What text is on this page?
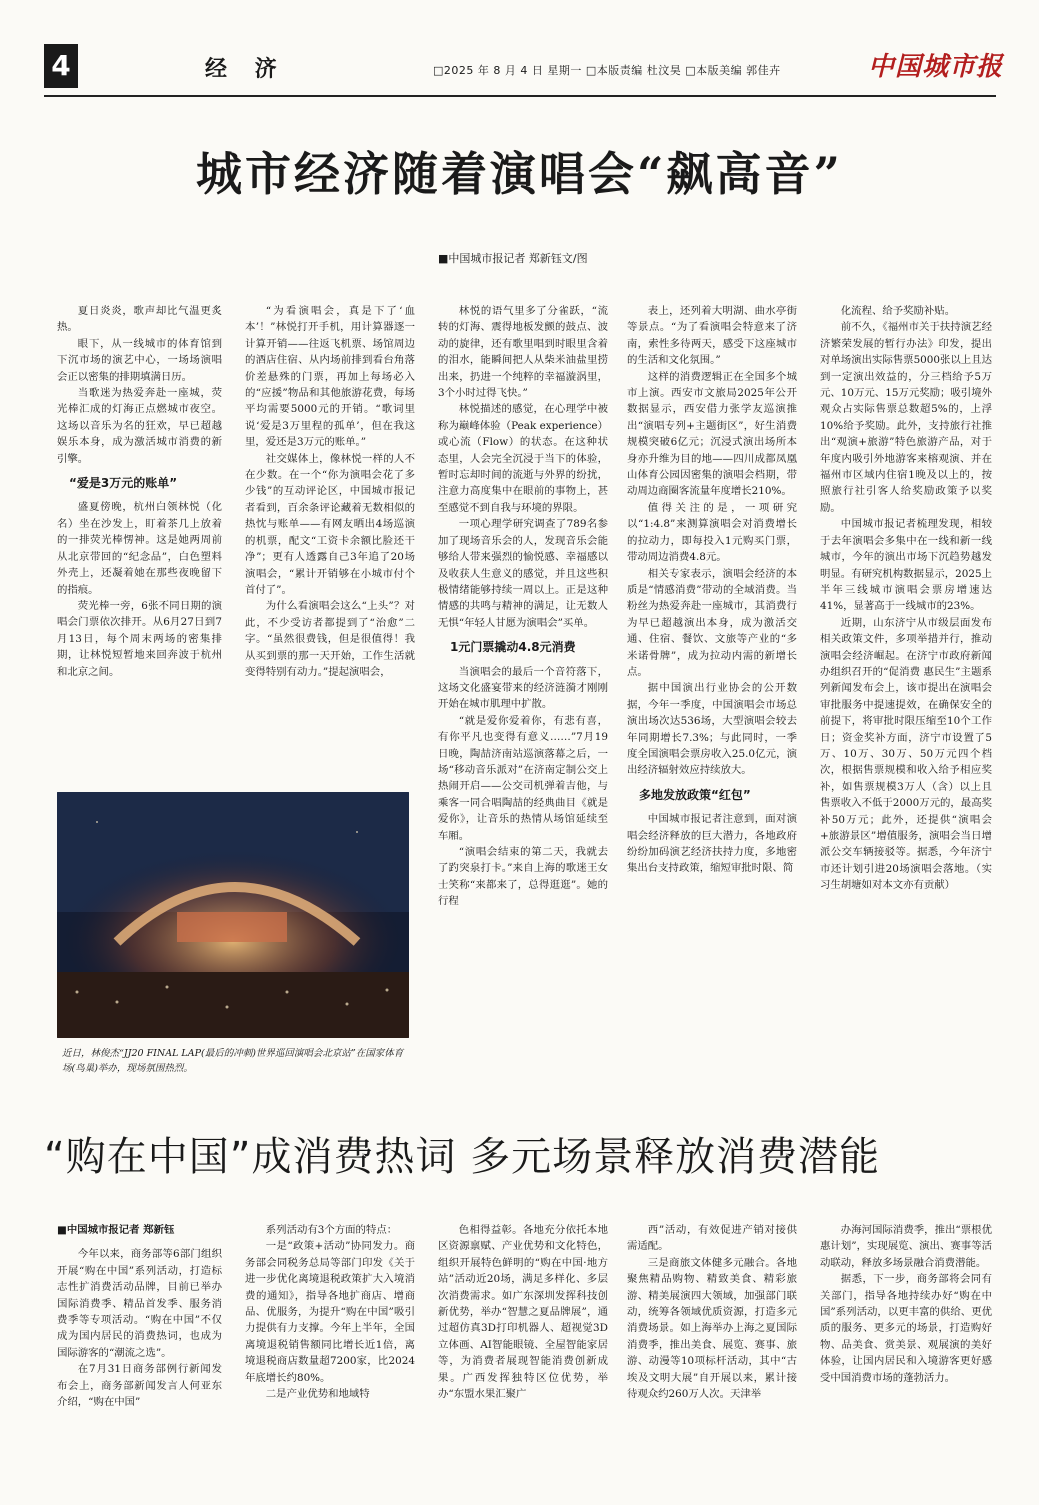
4	经 济	□2025 年 8 月 4 日 星期一 □本版责编 杜汶昊 □本版美编 郭佳卉	中国城市报
城市经济随着演唱会“飙高音”
■中国城市报记者 郑新钰文/图

夏日炎炎，歌声却比气温更炙热。

眼下，从一线城市的体育馆到下沉市场的演艺中心，一场场演唱会正以密集的排期填满日历。

当歌迷为热爱奔赴一座城，荧光棒汇成的灯海正点燃城市夜空。这场以音乐为名的狂欢，早已超越娱乐本身，成为激活城市消费的新引擎。

“爱是3万元的账单”

盛夏傍晚，杭州白领林悦（化名）坐在沙发上，盯着茶几上放着的一排荧光棒愣神。这是她两周前从北京带回的“纪念品”，白色塑料外壳上，还凝着她在那些夜晚留下的指痕。

荧光棒一旁，6张不同日期的演唱会门票依次排开。从6月27日到7月13日，每个周末两场的密集排期，让林悦短暂地来回奔波于杭州和北京之间。

“为看演唱会，真是下了‘血本’！”林悦打开手机，用计算器逐一计算开销——往返飞机票、场馆周边的酒店住宿、从内场前排到看台角落价差悬殊的门票，再加上每场必入的“应援”物品和其他旅游花费，每场平均需要5000元的开销。“歌词里说‘爱是3万里程的孤单’，但在我这里，爱还是3万元的账单。”

社交媒体上，像林悦一样的人不在少数。在一个“你为演唱会花了多少钱”的互动评论区，中国城市报记者看到，百余条评论藏着无数相似的热忱与账单——有网友晒出4场巡演的机票，配文“工资卡余额比脸还干净”；更有人透露自己3年追了20场演唱会，“累计开销够在小城市付个首付了”。

为什么看演唱会这么“上头”？对此，不少受访者都提到了“治愈”二字。“虽然很费钱，但是很值得！我从买到票的那一天开始，工作生活就变得特别有动力。”提起演唱会，

近日，林俊杰“JJ20 FINAL LAP(最后的冲刺)世界巡回演唱会北京站”在国家体育场(鸟巢)举办，现场氛围热烈。

林悦的语气里多了分雀跃，“流转的灯海、震得地板发颤的鼓点、波动的旋律，还有歌里唱到时眼里含着的泪水，能瞬间把人从柴米油盐里捞出来，扔进一个纯粹的幸福漩涡里，3个小时过得飞快。”

林悦描述的感觉，在心理学中被称为巅峰体验（Peak experience）或心流（Flow）的状态。在这种状态里，人会完全沉浸于当下的体验，暂时忘却时间的流逝与外界的纷扰，注意力高度集中在眼前的事物上，甚至感觉不到自我与环境的界限。

一项心理学研究调查了789名参加了现场音乐会的人，发现音乐会能够给人带来强烈的愉悦感、幸福感以及收获人生意义的感觉，并且这些积极情绪能够持续一周以上。正是这种情感的共鸣与精神的满足，让无数人无惧“年轻人甘愿为演唱会”买单。

1元门票撬动4.8元消费

当演唱会的最后一个音符落下，这场文化盛宴带来的经济涟漪才刚刚开始在城市肌理中扩散。

“就是爱你爱着你，有悲有喜，有你平凡也变得有意义……”7月19日晚，陶喆济南站巡演落幕之后，一场“移动音乐派对”在济南定制公交上热闹开启——公交司机弹着吉他，与乘客一同合唱陶喆的经典曲目《就是爱你》，让音乐的热情从场馆延续至车厢。

“演唱会结束的第二天，我就去了趵突泉打卡。”来自上海的歌迷王女士笑称“来都来了，总得逛逛”。她的行程

表上，还列着大明湖、曲水亭街等景点。“为了看演唱会特意来了济南，索性多待两天，感受下这座城市的生活和文化氛围。”

这样的消费逻辑正在全国多个城市上演。西安市文旅局2025年公开数据显示，西安借力张学友巡演推出“演唱专列+主题街区”，好生消费规模突破6亿元；沉浸式演出场所本身亦升维为目的地——四川成都凤凰山体育公园因密集的演唱会档期，带动周边商圈客流量年度增长210%。

值得关注的是，一项研究以“1:4.8”来测算演唱会对消费增长的拉动力，即每投入1元购买门票，带动周边消费4.8元。

相关专家表示，演唱会经济的本质是“情感消费”带动的全域消费。当粉丝为热爱奔赴一座城市，其消费行为早已超越演出本身，成为激活交通、住宿、餐饮、文旅等产业的“多米诺骨牌”，成为拉动内需的新增长点。

据中国演出行业协会的公开数据，今年一季度，中国演唱会市场总演出场次达536场，大型演唱会较去年同期增长7.3%；与此同时，一季度全国演唱会票房收入25.0亿元，演出经济辐射效应持续放大。

多地发放政策“红包”

中国城市报记者注意到，面对演唱会经济释放的巨大潜力，各地政府纷纷加码演艺经济扶持力度，多地密集出台支持政策，缩短审批时限、简

化流程、给予奖励补贴。

前不久，《福州市关于扶持演艺经济繁荣发展的暂行办法》印发，提出对单场演出实际售票5000张以上且达到一定演出效益的，分三档给予5万元、10万元、15万元奖励；吸引境外观众占实际售票总数超5%的，上浮10%给予奖励。此外，支持旅行社推出“观演+旅游”特色旅游产品，对于年度内吸引外地游客来榕观演、并在福州市区域内住宿1晚及以上的，按照旅行社引客人给奖励政策予以奖励。

中国城市报记者梳理发现，相较于去年演唱会多集中在一线和新一线城市，今年的演出市场下沉趋势越发明显。有研究机构数据显示，2025上半年三线城市演唱会票房增速达41%，显著高于一线城市的23%。

近期，山东济宁从市级层面发布相关政策文件，多项举措并行，推动演唱会经济崛起。在济宁市政府新闻办组织召开的“促消费 惠民生”主题系列新闻发布会上，该市提出在演唱会审批服务中提速提效，在确保安全的前提下，将审批时限压缩至10个工作日；资金奖补方面，济宁市设置了5万、10万、30万、50万元四个档次，根据售票规模和收入给予相应奖补，如售票规模3万人（含）以上且售票收入不低于2000万元的，最高奖补50万元；此外，还提供“演唱会+旅游景区”增值服务，演唱会当日增派公交车辆接驳等。据悉，今年济宁市还计划引进20场演唱会落地。（实习生胡塘如对本文亦有贡献）

“购在中国”成消费热词 多元场景释放消费潜能

■中国城市报记者 郑新钰

今年以来，商务部等6部门组织开展“购在中国”系列活动，打造标志性扩消费活动品牌，目前已举办国际消费季、精品首发季、服务消费季等专项活动。“购在中国”不仅成为国内居民的消费热词，也成为国际游客的“潮流之选”。

在7月31日商务部例行新闻发布会上，商务部新闻发言人何亚东介绍，“购在中国”

系列活动有3个方面的特点：

一是“政策+活动”协同发力。商务部会同税务总局等部门印发《关于进一步优化离境退税政策扩大入境消费的通知》，指导各地扩商店、增商品、优服务，为提升“购在中国”吸引力提供有力支撑。今年上半年，全国离境退税销售额同比增长近1倍，离境退税商店数量超7200家，比2024年底增长约80%。

二是产业优势和地域特

色相得益彰。各地充分依托本地区资源禀赋、产业优势和文化特色，组织开展特色鲜明的“购在中国·地方站”活动近20场，满足多样化、多层次消费需求。如广东深圳发挥科技创新优势，举办“智慧之夏品牌展”，通过超仿真3D打印机器人、超视觉3D立体画、AI智能眼镜、全屋智能家居等，为消费者展现智能消费创新成果。广西发挥独特区位优势，举办“东盟水果汇聚广

西”活动，有效促进产销对接供需适配。

三是商旅文体健多元融合。各地聚焦精品购物、精致美食、精彩旅游、精美展演四大领域，加强部门联动，统筹各领域优质资源，打造多元消费场景。如上海举办上海之夏国际消费季，推出美食、展览、赛事、旅游、动漫等10项标杆活动，其中“古埃及文明大展”自开展以来，累计接待观众约260万人次。天津举

办海河国际消费季，推出“票根优惠计划”，实现展览、演出、赛事等活动联动，释放多场景融合消费潜能。

据悉，下一步，商务部将会同有关部门，指导各地持续办好“购在中国”系列活动，以更丰富的供给、更优质的服务、更多元的场景，打造购好物、品美食、赏美景、观展演的美好体验，让国内居民和入境游客更好感受中国消费市场的蓬勃活力。
